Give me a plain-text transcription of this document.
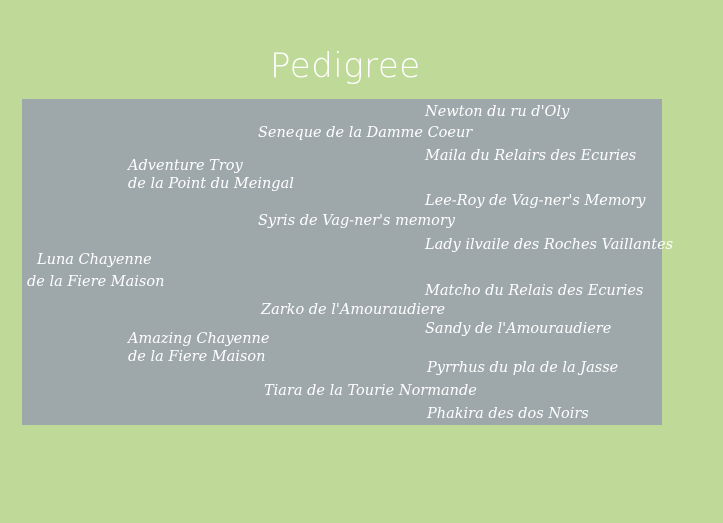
Pedigree
Newton du ru d'Oly
Maila du Relairs des Ecuries
Lee-Roy de Vag-ner's Memory
Lady ilvaile des Roches Vaillantes
Matcho du Relais des Ecuries
Sandy de l'Amouraudiere
Pyrrhus du pla de la Jasse
Phakira des dos Noirs
Seneque de la Damme Coeur
Syris de Vag-ner's memory
Zarko de l'Amouraudiere
Tiara de la Tourie Normande
Adventure Troy
de la Point du Meingal
Amazing Chayenne
de la Fiere Maison
Luna Chayenne
de la Fiere Maison
